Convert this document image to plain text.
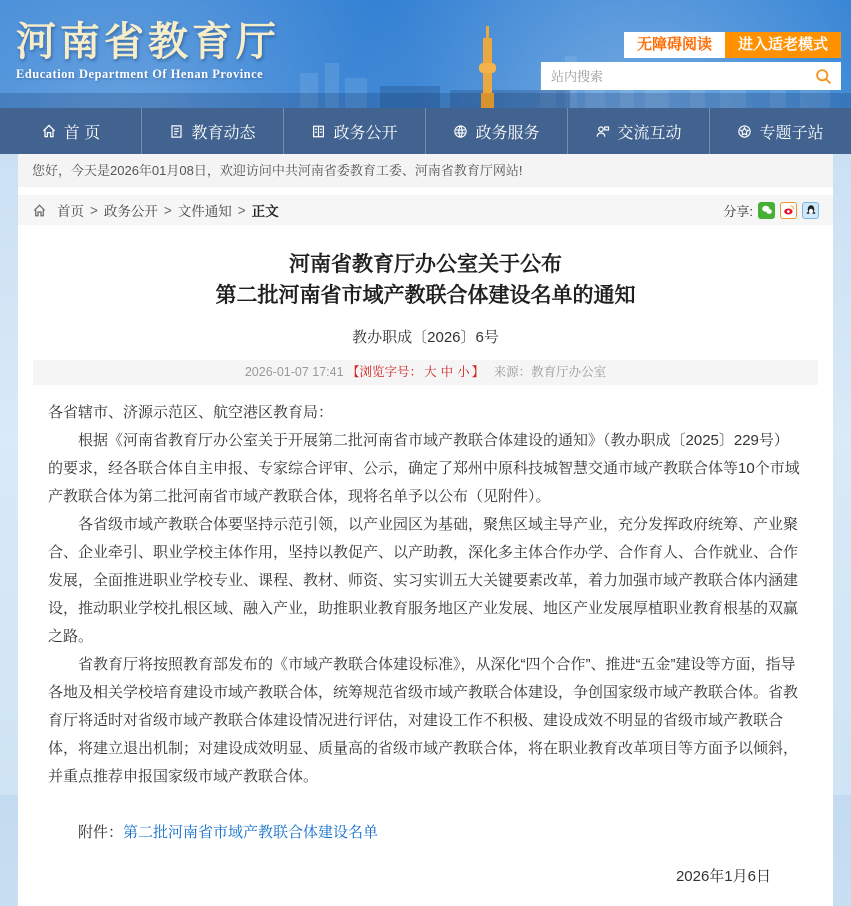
河南省教育厅
Education Department Of Henan Province
无障碍阅读	进入适老模式
站内搜索
首 页	教育动态	政务公开	政务服务	交流互动	专题子站
您好，今天是2026年01月08日，欢迎访问中共河南省委教育工委、河南省教育厅网站!
首页 > 政务公开 > 文件通知 > 正文	分享:
河南省教育厅办公室关于公布
第二批河南省市域产教联合体建设名单的通知
教办职成〔2026〕6号
2026-01-07 17:41 【浏览字号： 大 中 小 】 来源：教育厅办公室

各省辖市、济源示范区、航空港区教育局：

根据《河南省教育厅办公室关于开展第二批河南省市域产教联合体建设的通知》（教办职成〔2025〕229号）的要求，经各联合体自主申报、专家综合评审、公示，确定了郑州中原科技城智慧交通市域产教联合体等10个市域产教联合体为第二批河南省市域产教联合体，现将名单予以公布（见附件）。

各省级市域产教联合体要坚持示范引领，以产业园区为基础，聚焦区域主导产业，充分发挥政府统筹、产业聚合、企业牵引、职业学校主体作用，坚持以教促产、以产助教，深化多主体合作办学、合作育人、合作就业、合作发展，全面推进职业学校专业、课程、教材、师资、实习实训五大关键要素改革，着力加强市域产教联合体内涵建设，推动职业学校扎根区域、融入产业，助推职业教育服务地区产业发展、地区产业发展厚植职业教育根基的双赢之路。

省教育厅将按照教育部发布的《市域产教联合体建设标准》，从深化“四个合作”、推进“五金”建设等方面，指导各地及相关学校培育建设市域产教联合体，统筹规范省级市域产教联合体建设，争创国家级市域产教联合体。省教育厅将适时对省级市域产教联合体建设情况进行评估，对建设工作不积极、建设成效不明显的省级市域产教联合体，将建立退出机制；对建设成效明显、质量高的省级市域产教联合体，将在职业教育改革项目等方面予以倾斜，并重点推荐申报国家级市域产教联合体。

附件：第二批河南省市域产教联合体建设名单
2026年1月6日
